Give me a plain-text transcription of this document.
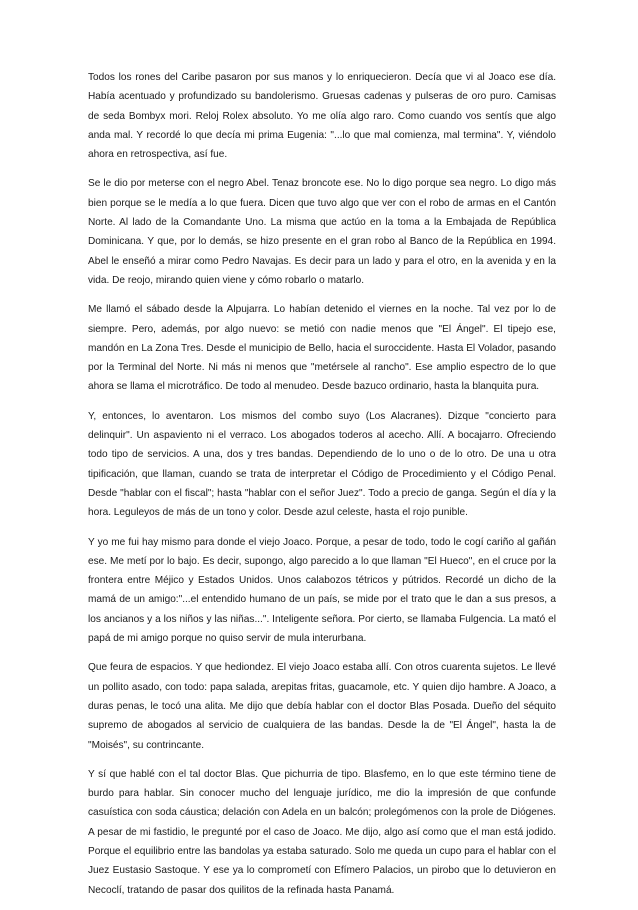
Todos los rones del Caribe pasaron por sus manos y lo enriquecieron. Decía que vi al Joaco ese día. Había acentuado y profundizado su bandolerismo. Gruesas cadenas y pulseras de oro puro. Camisas de seda Bombyx mori. Reloj Rolex absoluto. Yo me olía algo raro. Como cuando vos sentís que algo anda mal. Y recordé lo que decía mi prima Eugenia: "...lo que mal comienza, mal termina". Y, viéndolo ahora en retrospectiva, así fue.

Se le dio por meterse con el negro Abel. Tenaz broncote ese. No lo digo porque sea negro. Lo digo más bien porque se le medía a lo que fuera. Dicen que tuvo algo que ver con el robo de armas en el Cantón Norte. Al lado de la Comandante Uno. La misma que actúo en la toma a la Embajada de República Dominicana. Y que, por lo demás, se hizo presente en el gran robo al Banco de la República en 1994. Abel le enseñó a mirar como Pedro Navajas. Es decir para un lado y para el otro, en la avenida y en la vida. De reojo, mirando quien viene y cómo robarlo o matarlo.

Me llamó el sábado desde la Alpujarra. Lo habían detenido el viernes en la noche. Tal vez por lo de siempre. Pero, además, por algo nuevo: se metió con nadie menos que "El Ángel". El tipejo ese, mandón en La Zona Tres. Desde el municipio de Bello, hacia el suroccidente. Hasta El Volador, pasando por la Terminal del Norte. Ni más ni menos que "metérsele al rancho". Ese amplio espectro de lo que ahora se llama el microtráfico. De todo al menudeo. Desde bazuco ordinario, hasta la blanquita pura.

Y, entonces, lo aventaron. Los mismos del combo suyo (Los Alacranes). Dizque "concierto para delinquir". Un aspaviento ni el verraco. Los abogados toderos al acecho. Allí. A bocajarro. Ofreciendo todo tipo de servicios. A una, dos y tres bandas. Dependiendo de lo uno o de lo otro. De una u otra tipificación, que llaman, cuando se trata de interpretar el Código de Procedimiento y el Código Penal. Desde "hablar con el fiscal"; hasta "hablar con el señor Juez". Todo a precio de ganga. Según el día y la hora. Leguleyos de más de un tono y color. Desde azul celeste, hasta el rojo punible.

Y yo me fui hay mismo para donde el viejo Joaco. Porque, a pesar de todo, todo le cogí cariño al gañán ese. Me metí por lo bajo. Es decir, supongo, algo parecido a lo que llaman "El Hueco", en el cruce por la frontera entre Méjico y Estados Unidos. Unos calabozos tétricos y pútridos. Recordé un dicho de la mamá de un amigo:"...el entendido humano de un país, se mide por el trato que le dan a sus presos, a los ancianos y a los niños y las niñas...". Inteligente señora. Por cierto, se llamaba Fulgencia. La mató el papá de mi amigo porque no quiso servir de mula interurbana.

Que feura de espacios. Y que hediondez. El viejo Joaco estaba allí. Con otros cuarenta sujetos. Le llevé un pollito asado, con todo: papa salada, arepitas fritas, guacamole, etc. Y quien dijo hambre. A Joaco, a duras penas, le tocó una alita. Me dijo que debía hablar con el doctor Blas Posada. Dueño del séquito supremo de abogados al servicio de cualquiera de las bandas. Desde la de "El Ángel", hasta la de "Moisés", su contrincante.

Y sí que hablé con el tal doctor Blas. Que pichurria de tipo. Blasfemo, en lo que este término tiene de burdo para hablar. Sin conocer mucho del lenguaje jurídico, me dio la impresión de que confunde casuística con soda cáustica; delación con Adela en un balcón; prolegómenos con la prole de Diógenes. A pesar de mi fastidio, le pregunté por el caso de Joaco. Me dijo, algo así como que el man está jodido. Porque el equilibrio entre las bandolas ya estaba saturado. Solo me queda un cupo para el hablar con el Juez Eustasio Sastoque. Y ese ya lo comprometí con Efímero Palacios, un pirobo que lo detuvieron en Necoclí, tratando de pasar dos quilitos de la refinada hasta Panamá.
